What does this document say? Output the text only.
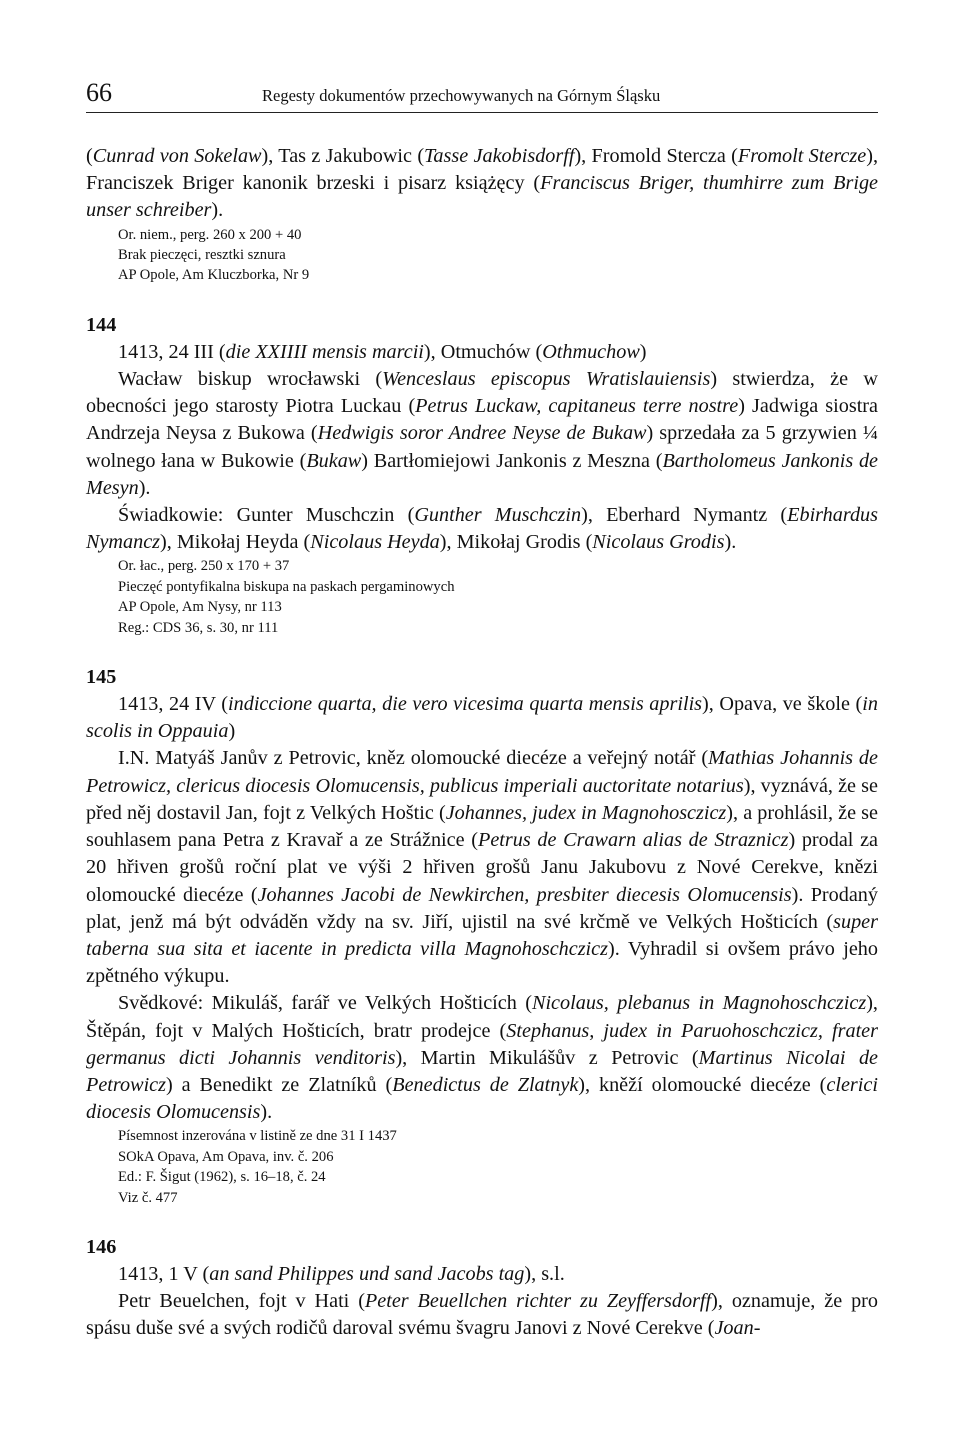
66	Regesty dokumentów przechowywanych na Górnym Śląsku

(Cunrad von Sokelaw), Tas z Jakubowic (Tasse Jakobisdorff), Fromold Stercza (Fromolt Stercze), Franciszek Briger kanonik brzeski i pisarz książęcy (Franciscus Briger, thumhirre zum Brige unser schreiber).

Or. niem., perg. 260 x 200 + 40

Brak pieczęci, resztki sznura

AP Opole, Am Kluczborka, Nr 9

144

1413, 24 III (die XXIIII mensis marcii), Otmuchów (Othmuchow)

Wacław biskup wrocławski (Wenceslaus episcopus Wratislauiensis) stwierdza, że w obecności jego starosty Piotra Luckau (Petrus Luckaw, capitaneus terre nostre) Jadwiga siostra Andrzeja Neysa z Bukowa (Hedwigis soror Andree Neyse de Bukaw) sprzedała za 5 grzywien ¼ wolnego łana w Bukowie (Bukaw) Bartłomiejowi Jankonis z Meszna (Bartholomeus Jankonis de Mesyn).

Świadkowie: Gunter Muschczin (Gunther Muschczin), Eberhard Nymantz (Ebirhardus Nymancz), Mikołaj Heyda (Nicolaus Heyda), Mikołaj Grodis (Nicolaus Grodis).

Or. łac., perg. 250 x 170 + 37

Pieczęć pontyfikalna biskupa na paskach pergaminowych

AP Opole, Am Nysy, nr 113

Reg.: CDS 36, s. 30, nr 111

145

1413, 24 IV (indiccione quarta, die vero vicesima quarta mensis aprilis), Opava, ve škole (in scolis in Oppauia)

I.N. Matyáš Janův z Petrovic, kněz olomoucké diecéze a veřejný notář (Mathias Johannis de Petrowicz, clericus diocesis Olomucensis, publicus imperiali auctoritate notarius), vyznává, že se před něj dostavil Jan, fojt z Velkých Hoštic (Johannes, judex in Magnohosczicz), a prohlásil, že se souhlasem pana Petra z Kravař a ze Strážnice (Petrus de Crawarn alias de Straznicz) prodal za 20 hřiven grošů roční plat ve výši 2 hřiven grošů Janu Jakubovu z Nové Cerekve, knězi olomoucké diecéze (Johannes Jacobi de Newkirchen, presbiter diecesis Olomucensis). Prodaný plat, jenž má být odváděn vždy na sv. Jiří, ujistil na své krčmě ve Velkých Hošticích (super taberna sua sita et iacente in predicta villa Magnohoschczicz). Vyhradil si ovšem právo jeho zpětného výkupu.

Svědkové: Mikuláš, farář ve Velkých Hošticích (Nicolaus, plebanus in Magnohoschczicz), Štěpán, fojt v Malých Hošticích, bratr prodejce (Stephanus, judex in Paruohoschczicz, frater germanus dicti Johannis venditoris), Martin Mikulášův z Petrovic (Martinus Nicolai de Petrowicz) a Benedikt ze Zlatníků (Benedictus de Zlatnyk), kněží olomoucké diecéze (clerici diocesis Olomucensis).

Písemnost inzerována v listině ze dne 31 I 1437

SOkA Opava, Am Opava, inv. č. 206

Ed.: F. Šigut (1962), s. 16–18, č. 24

Viz č. 477

146

1413, 1 V (an sand Philippes und sand Jacobs tag), s.l.

Petr Beuelchen, fojt v Hati (Peter Beuellchen richter zu Zeyffersdorff), oznamuje, že pro spásu duše své a svých rodičů daroval svému švagru Janovi z Nové Cerekve (Joan-
